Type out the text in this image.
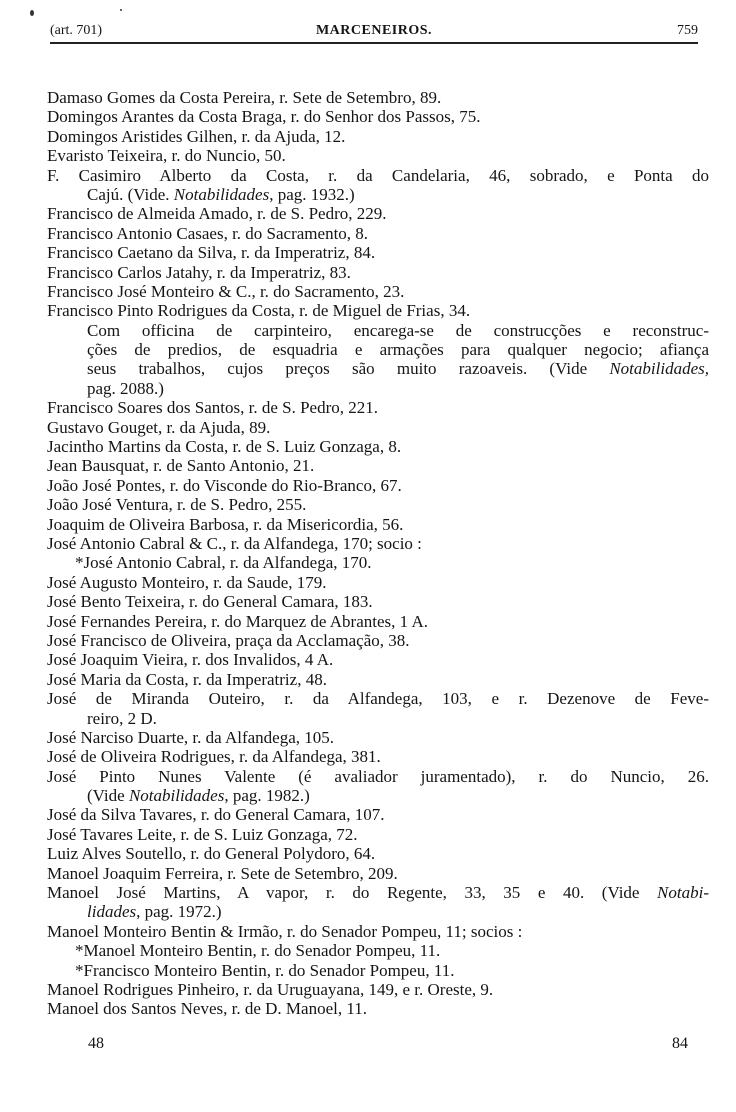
(art. 701)	MARCENEIROS.	759
Damaso Gomes da Costa Pereira, r. Sete de Setembro, 89.
Domingos Arantes da Costa Braga, r. do Senhor dos Passos, 75.
Domingos Aristides Gilhen, r. da Ajuda, 12.
Evaristo Teixeira, r. do Nuncio, 50.
F. Casimiro Alberto da Costa, r. da Candelaria, 46, sobrado, e Ponta do
Cajú. (Vide. Notabilidades, pag. 1932.)
Francisco de Almeida Amado, r. de S. Pedro, 229.
Francisco Antonio Casaes, r. do Sacramento, 8.
Francisco Caetano da Silva, r. da Imperatriz, 84.
Francisco Carlos Jatahy, r. da Imperatriz, 83.
Francisco José Monteiro & C., r. do Sacramento, 23.
Francisco Pinto Rodrigues da Costa, r. de Miguel de Frias, 34.
Com officina de carpinteiro, encarega-se de construcções e reconstruc-
ções de predios, de esquadria e armações para qualquer negocio; afiança
seus trabalhos, cujos preços são muito razoaveis. (Vide Notabilidades,
pag. 2088.)
Francisco Soares dos Santos, r. de S. Pedro, 221.
Gustavo Gouget, r. da Ajuda, 89.
Jacintho Martins da Costa, r. de S. Luiz Gonzaga, 8.
Jean Bausquat, r. de Santo Antonio, 21.
João José Pontes, r. do Visconde do Rio-Branco, 67.
João José Ventura, r. de S. Pedro, 255.
Joaquim de Oliveira Barbosa, r. da Misericordia, 56.
José Antonio Cabral & C., r. da Alfandega, 170; socio :
*José Antonio Cabral, r. da Alfandega, 170.
José Augusto Monteiro, r. da Saude, 179.
José Bento Teixeira, r. do General Camara, 183.
José Fernandes Pereira, r. do Marquez de Abrantes, 1 A.
José Francisco de Oliveira, praça da Acclamação, 38.
José Joaquim Vieira, r. dos Invalidos, 4 A.
José Maria da Costa, r. da Imperatriz, 48.
José de Miranda Outeiro, r. da Alfandega, 103, e r. Dezenove de Feve-
reiro, 2 D.
José Narciso Duarte, r. da Alfandega, 105.
José de Oliveira Rodrigues, r. da Alfandega, 381.
José Pinto Nunes Valente (é avaliador juramentado), r. do Nuncio, 26.
(Vide Notabilidades, pag. 1982.)
José da Silva Tavares, r. do General Camara, 107.
José Tavares Leite, r. de S. Luiz Gonzaga, 72.
Luiz Alves Soutello, r. do General Polydoro, 64.
Manoel Joaquim Ferreira, r. Sete de Setembro, 209.
Manoel José Martins, A vapor, r. do Regente, 33, 35 e 40. (Vide Notabi-
lidades, pag. 1972.)
Manoel Monteiro Bentin & Irmão, r. do Senador Pompeu, 11; socios :
*Manoel Monteiro Bentin, r. do Senador Pompeu, 11.
*Francisco Monteiro Bentin, r. do Senador Pompeu, 11.
Manoel Rodrigues Pinheiro, r. da Uruguayana, 149, e r. Oreste, 9.
Manoel dos Santos Neves, r. de D. Manoel, 11.
48	84
